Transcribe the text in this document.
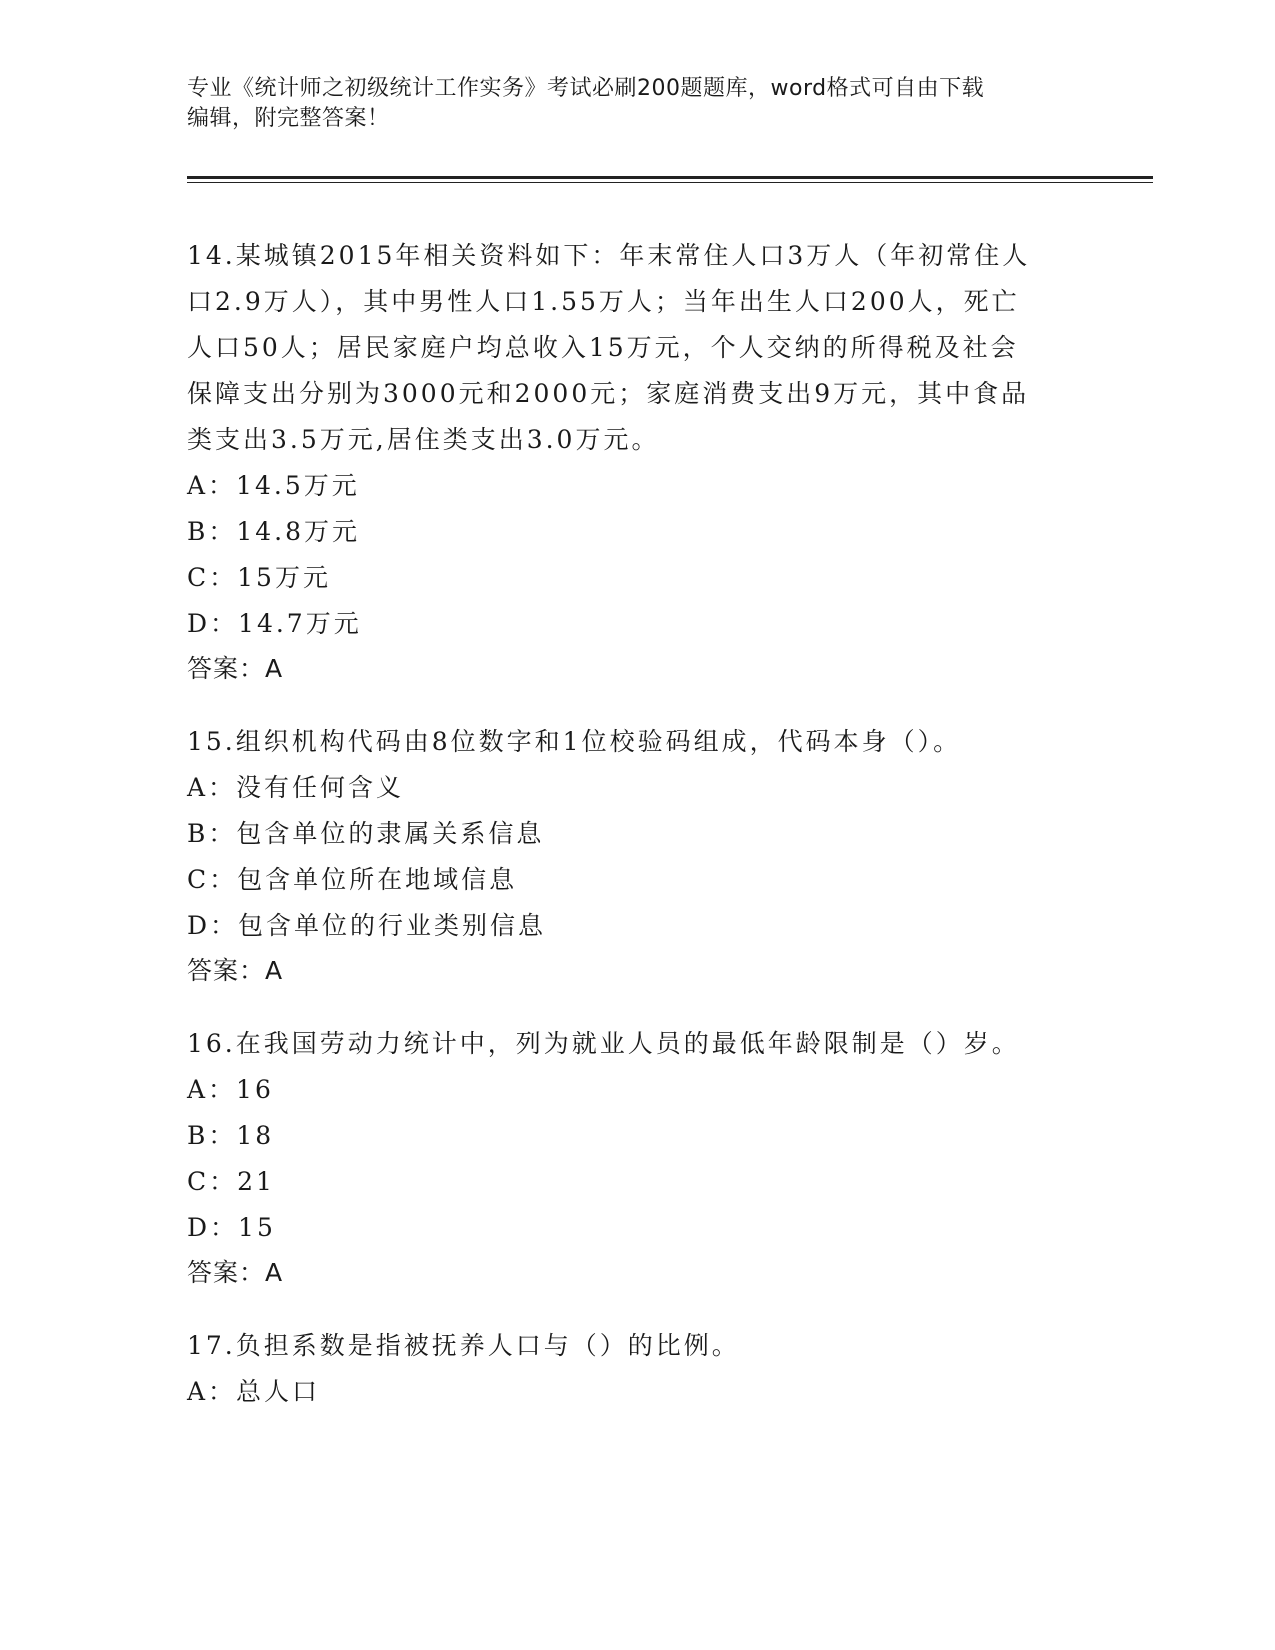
专业《统计师之初级统计工作实务》考试必刷200题题库，word格式可自由下载
编辑，附完整答案！
14.某城镇2015年相关资料如下：年末常住人口3万人（年初常住人
口2.9万人），其中男性人口1.55万人；当年出生人口200人，死亡
人口50人；居民家庭户均总收入15万元，个人交纳的所得税及社会
保障支出分别为3000元和2000元；家庭消费支出9万元，其中食品
类支出3.5万元,居住类支出3.0万元。
A：14.5万元
B：14.8万元
C：15万元
D：14.7万元
答案：A
15.组织机构代码由8位数字和1位校验码组成，代码本身（）。
A：没有任何含义
B：包含单位的隶属关系信息
C：包含单位所在地域信息
D：包含单位的行业类别信息
答案：A
16.在我国劳动力统计中，列为就业人员的最低年龄限制是（）岁。
A：16
B：18
C：21
D：15
答案：A
17.负担系数是指被抚养人口与（）的比例。
A：总人口
